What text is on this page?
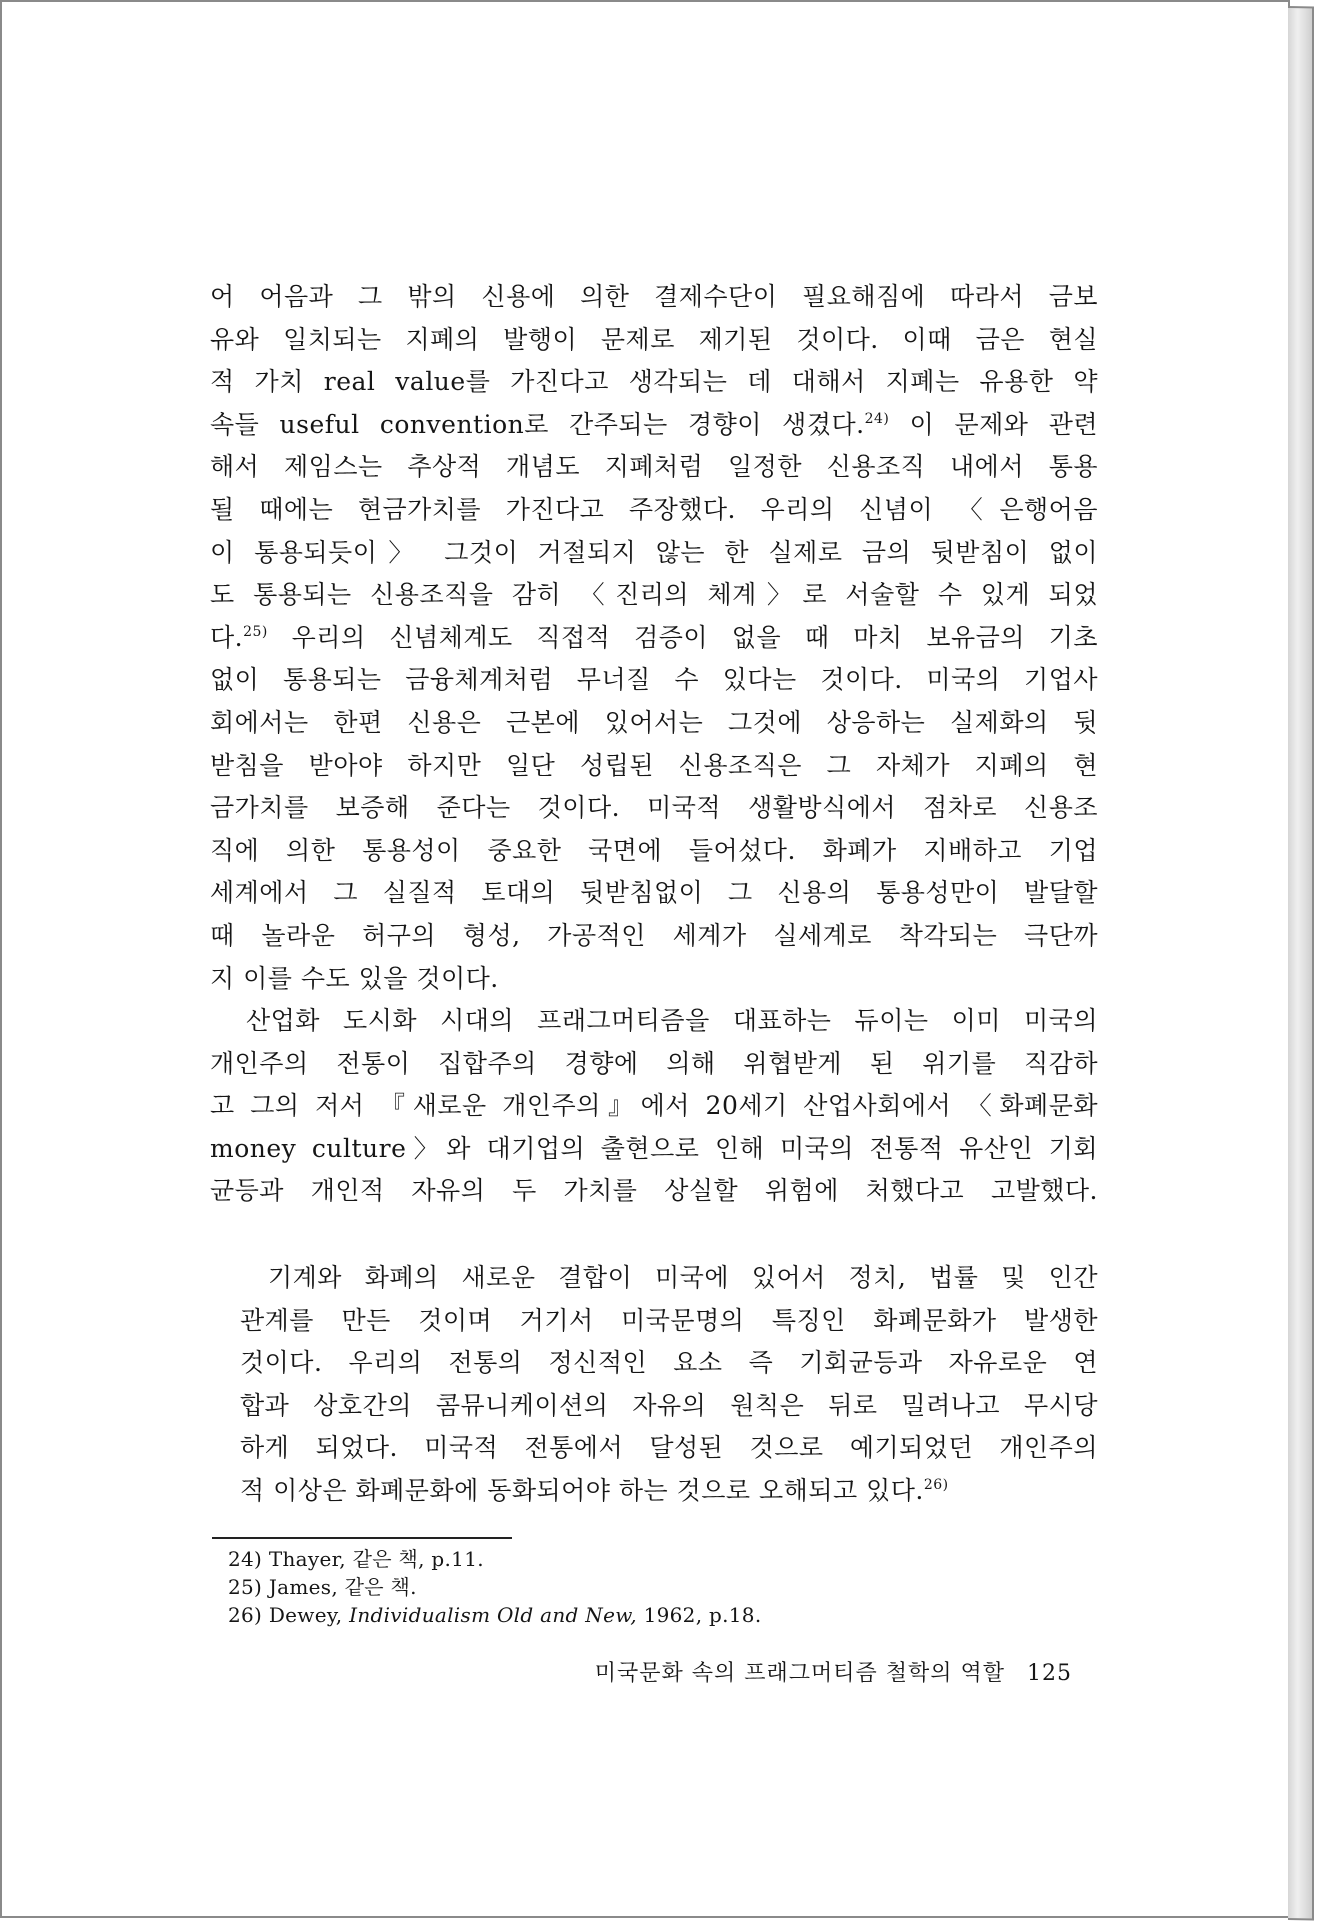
어 어음과 그 밖의 신용에 의한 결제수단이 필요해짐에 따라서 금보
유와 일치되는 지폐의 발행이 문제로 제기된 것이다. 이때 금은 현실
적 가치 real value를 가진다고 생각되는 데 대해서 지폐는 유용한 약
속들 useful convention로 간주되는 경향이 생겼다.$^{24)}$ 이 문제와 관련
해서 제임스는 추상적 개념도 지폐처럼 일정한 신용조직 내에서 통용
될 때에는 현금가치를 가진다고 주장했다. 우리의 신념이 〈은행어음
이 통용되듯이〉 그것이 거절되지 않는 한 실제로 금의 뒷받침이 없이
도 통용되는 신용조직을 감히 〈진리의 체계〉로 서술할 수 있게 되었
다.$^{25)}$ 우리의 신념체계도 직접적 검증이 없을 때 마치 보유금의 기초
없이 통용되는 금융체계처럼 무너질 수 있다는 것이다. 미국의 기업사
회에서는 한편 신용은 근본에 있어서는 그것에 상응하는 실제화의 뒷
받침을 받아야 하지만 일단 성립된 신용조직은 그 자체가 지폐의 현
금가치를 보증해 준다는 것이다. 미국적 생활방식에서 점차로 신용조
직에 의한 통용성이 중요한 국면에 들어섰다. 화폐가 지배하고 기업
세계에서 그 실질적 토대의 뒷받침없이 그 신용의 통용성만이 발달할
때 놀라운 허구의 형성, 가공적인 세계가 실세계로 착각되는 극단까
지 이를 수도 있을 것이다.
산업화 도시화 시대의 프래그머티즘을 대표하는 듀이는 이미 미국의
개인주의 전통이 집합주의 경향에 의해 위협받게 된 위기를 직감하
고 그의 저서 『새로운 개인주의』에서 20세기 산업사회에서 〈화폐문화
money culture〉와 대기업의 출현으로 인해 미국의 전통적 유산인 기회
균등과 개인적 자유의 두 가치를 상실할 위험에 처했다고 고발했다.
기계와 화폐의 새로운 결합이 미국에 있어서 정치, 법률 및 인간
관계를 만든 것이며 거기서 미국문명의 특징인 화폐문화가 발생한
것이다. 우리의 전통의 정신적인 요소 즉 기회균등과 자유로운 연
합과 상호간의 콤뮤니케이션의 자유의 원칙은 뒤로 밀려나고 무시당
하게 되었다. 미국적 전통에서 달성된 것으로 예기되었던 개인주의
적 이상은 화폐문화에 동화되어야 하는 것으로 오해되고 있다.$^{26)}$
24) Thayer, 같은 책, p.11.
25) James, 같은 책.
26) Dewey, Individualism Old and New, 1962, p.18.
미국문화 속의 프래그머티즘 철학의 역할 125
